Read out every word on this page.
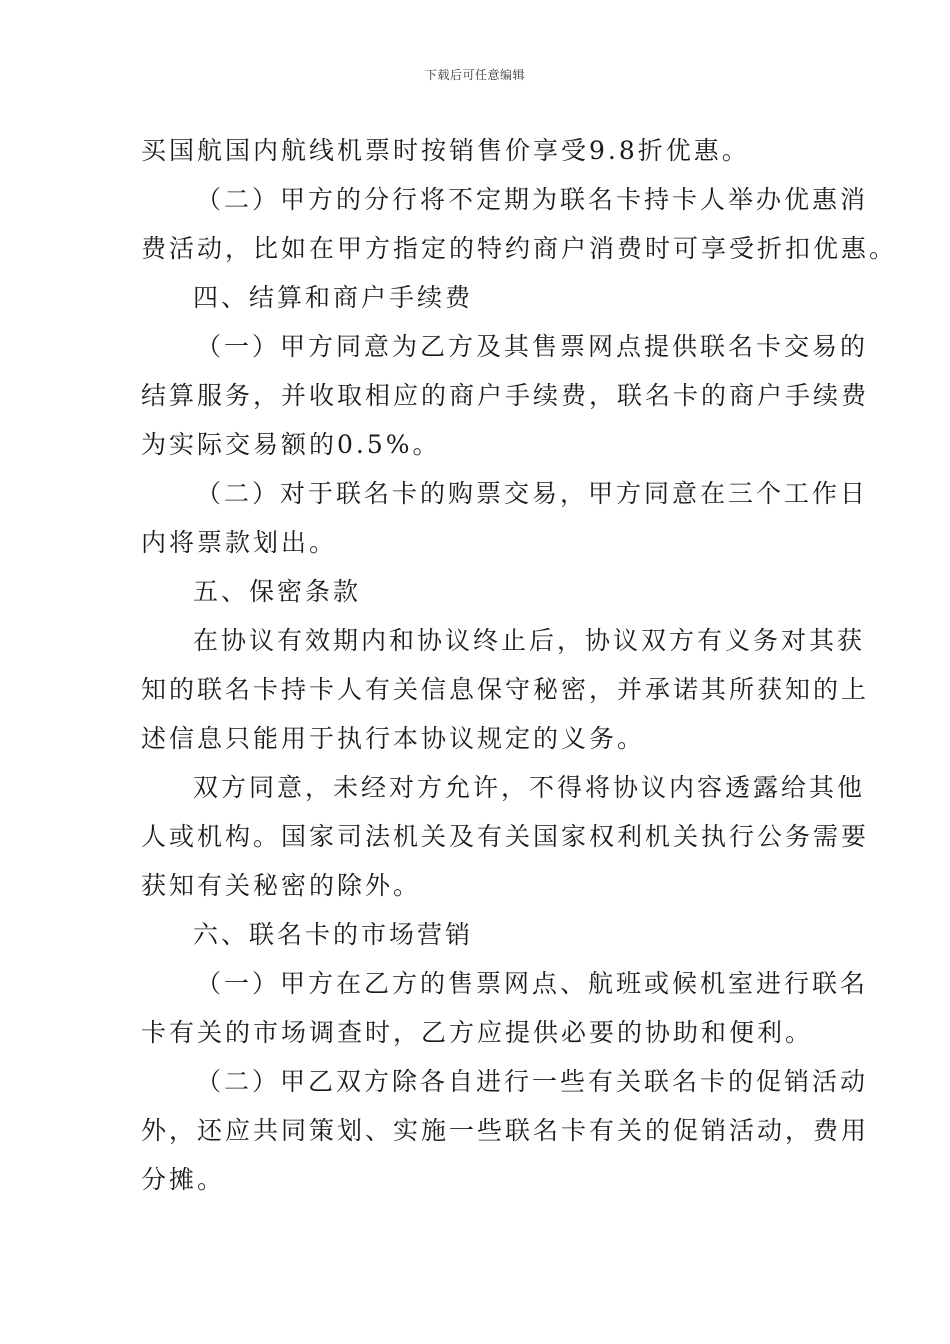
下载后可任意编辑
买国航国内航线机票时按销售价享受9.8折优惠。
（二）甲方的分行将不定期为联名卡持卡人举办优惠消
费活动，比如在甲方指定的特约商户消费时可享受折扣优惠。
四、结算和商户手续费
（一）甲方同意为乙方及其售票网点提供联名卡交易的
结算服务，并收取相应的商户手续费，联名卡的商户手续费
为实际交易额的0.5%。
（二）对于联名卡的购票交易，甲方同意在三个工作日
内将票款划出。
五、保密条款
在协议有效期内和协议终止后，协议双方有义务对其获
知的联名卡持卡人有关信息保守秘密，并承诺其所获知的上
述信息只能用于执行本协议规定的义务。
双方同意，未经对方允许，不得将协议内容透露给其他
人或机构。国家司法机关及有关国家权利机关执行公务需要
获知有关秘密的除外。
六、联名卡的市场营销
（一）甲方在乙方的售票网点、航班或候机室进行联名
卡有关的市场调查时，乙方应提供必要的协助和便利。
（二）甲乙双方除各自进行一些有关联名卡的促销活动
外，还应共同策划、实施一些联名卡有关的促销活动，费用
分摊。
